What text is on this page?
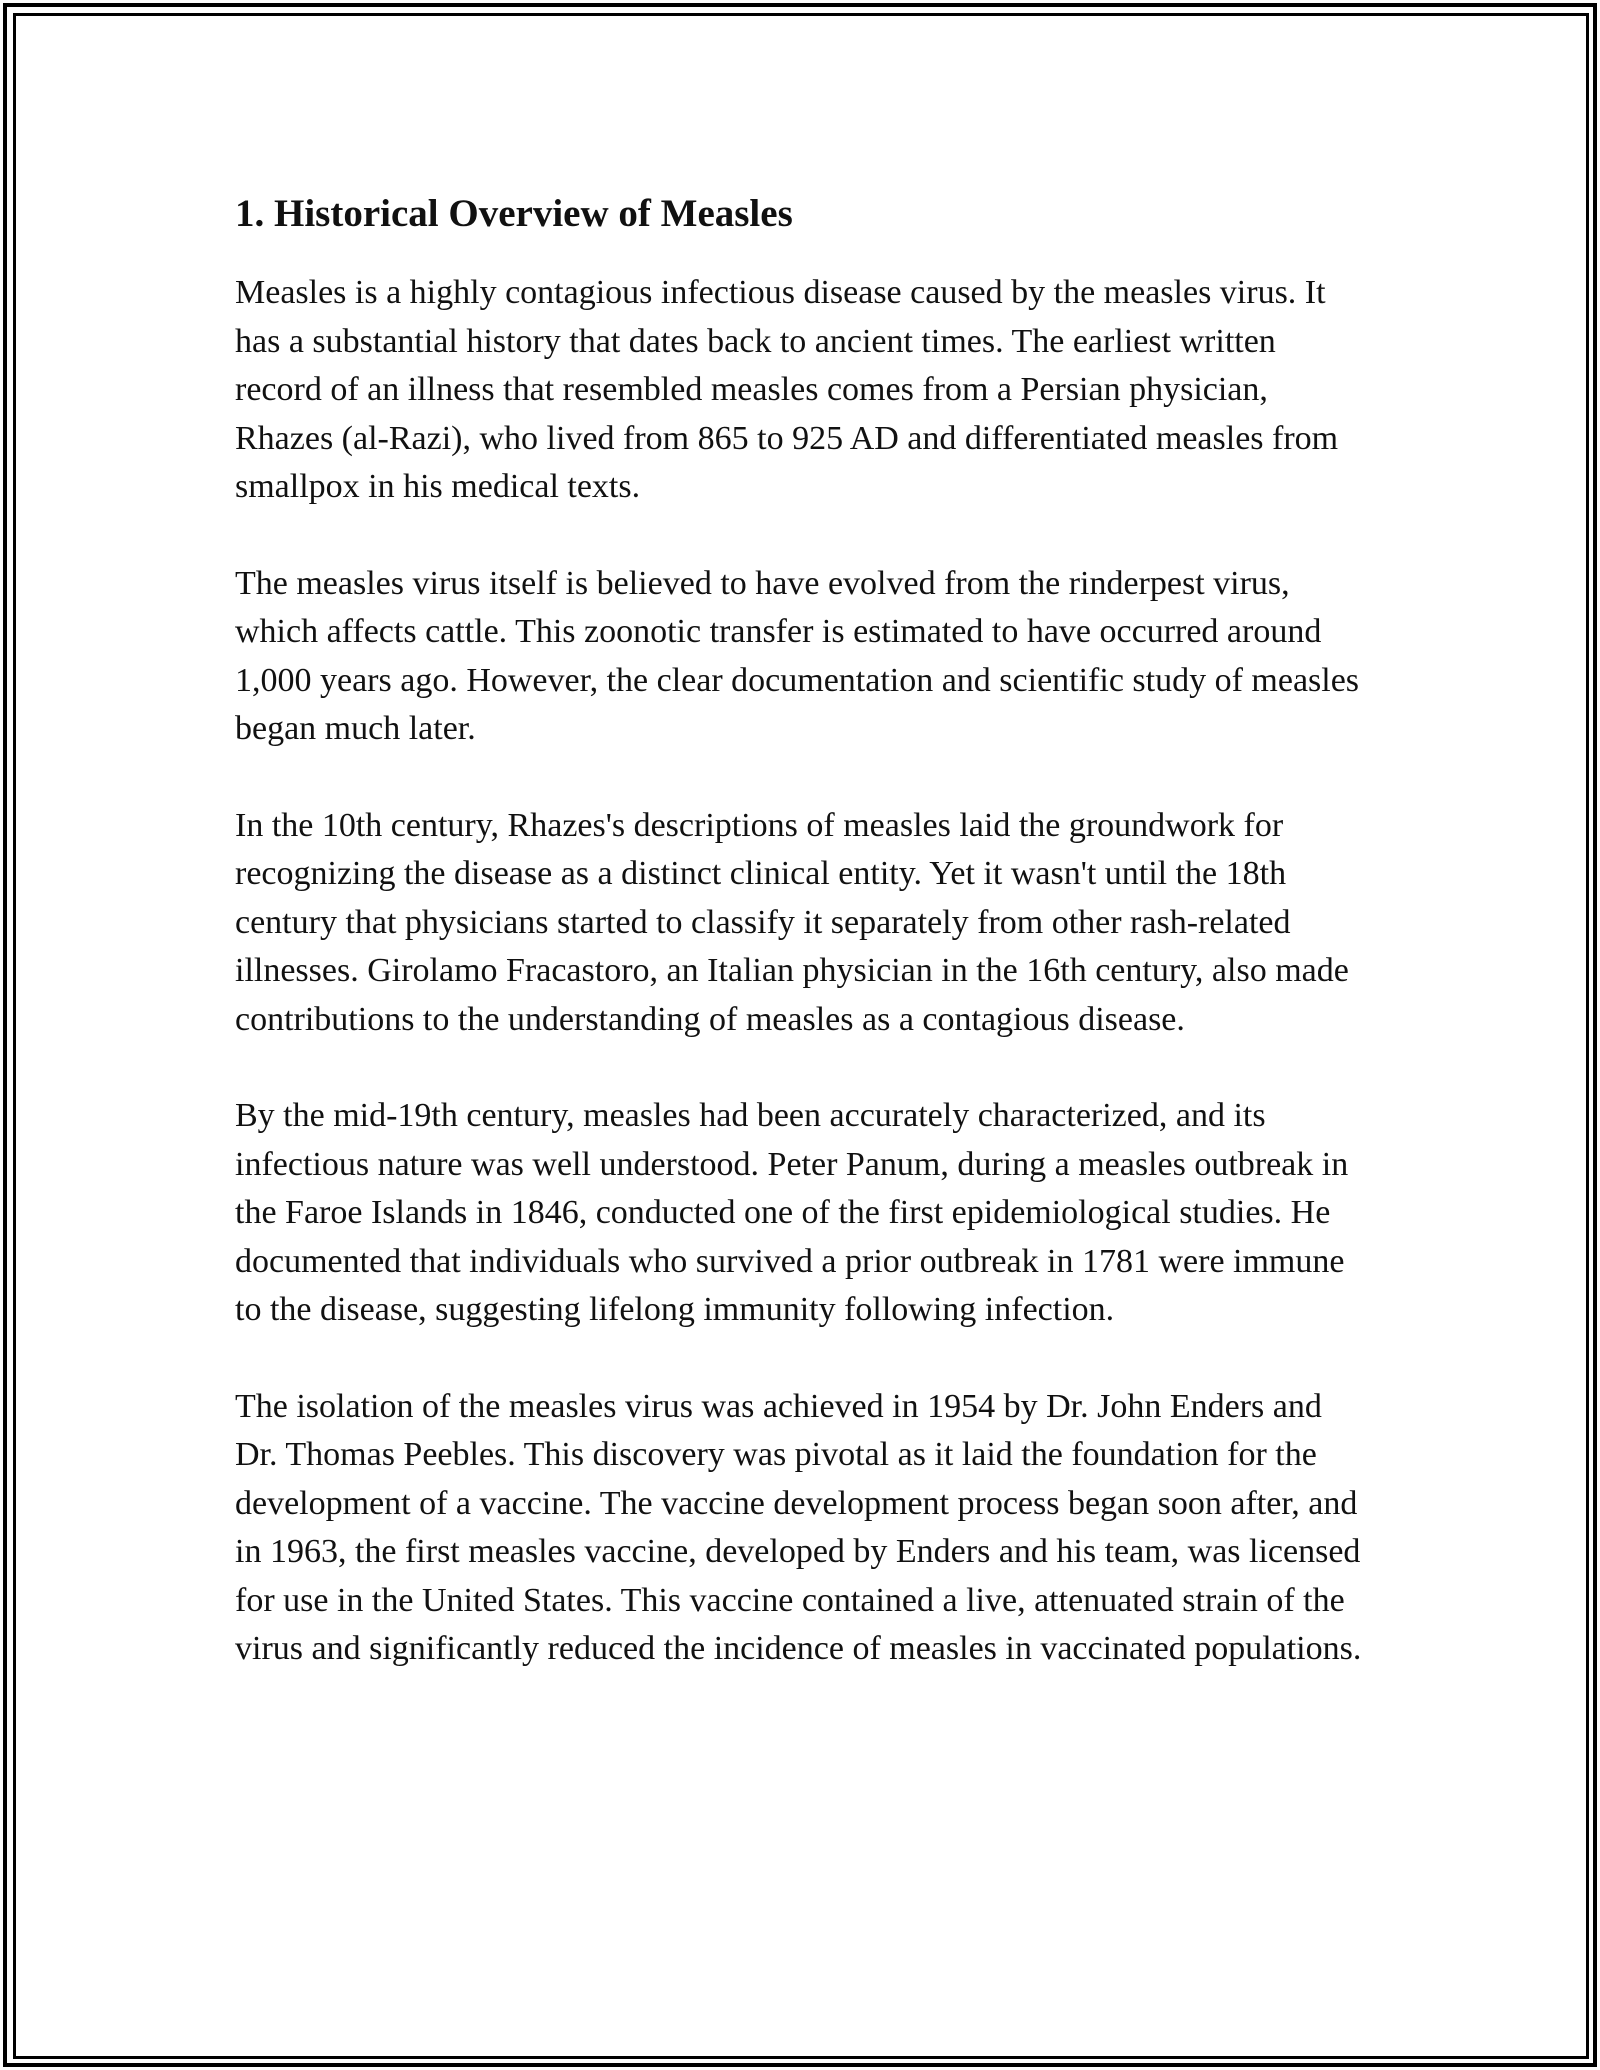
1. Historical Overview of Measles

Measles is a highly contagious infectious disease caused by the measles virus. It has a substantial history that dates back to ancient times. The earliest written record of an illness that resembled measles comes from a Persian physician, Rhazes (al-Razi), who lived from 865 to 925 AD and differentiated measles from smallpox in his medical texts.

The measles virus itself is believed to have evolved from the rinderpest virus, which affects cattle. This zoonotic transfer is estimated to have occurred around 1,000 years ago. However, the clear documentation and scientific study of measles began much later.

In the 10th century, Rhazes's descriptions of measles laid the groundwork for recognizing the disease as a distinct clinical entity. Yet it wasn't until the 18th century that physicians started to classify it separately from other rash-related illnesses. Girolamo Fracastoro, an Italian physician in the 16th century, also made contributions to the understanding of measles as a contagious disease.

By the mid-19th century, measles had been accurately characterized, and its infectious nature was well understood. Peter Panum, during a measles outbreak in the Faroe Islands in 1846, conducted one of the first epidemiological studies. He documented that individuals who survived a prior outbreak in 1781 were immune to the disease, suggesting lifelong immunity following infection.

The isolation of the measles virus was achieved in 1954 by Dr. John Enders and Dr. Thomas Peebles. This discovery was pivotal as it laid the foundation for the development of a vaccine. The vaccine development process began soon after, and in 1963, the first measles vaccine, developed by Enders and his team, was licensed for use in the United States. This vaccine contained a live, attenuated strain of the virus and significantly reduced the incidence of measles in vaccinated populations.
